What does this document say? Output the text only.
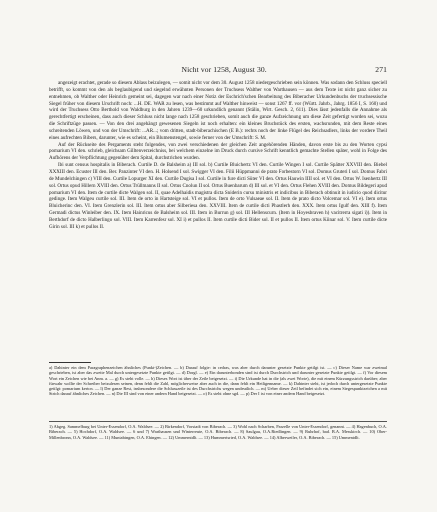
Nicht vor 1258, August 30.	271

angezeigt erachtet, gerade so diesem Ablass beizulegen, — somit nicht vor dem 30. August 1258 niedergeschrieben sein können. Was sodann den Schluss speciell betrifft, so kommt von den als beglaubigend und siegelnd erwähnten Personen der Truchsess Walther von Warthausen — aus dem Texte ist nicht ganz sicher zu entnehmen, ob Walther oder Heinrich gemeint sei, dagegen war nach einer Notiz der Eschrich'schen Bearbeitung des Biberacher Urkundenbuchs der truchsessische Siegel früher von diesem Urschrift noch: ...H. DE. WAR zu lesen, was bestimmt auf Walther hinweist — sonst 1267 ff. vor (Württ. Jahrb., Jahrg. 1856 I, S. 160) und wird der Truchsess Otto Berthold von Waldburg in den Jahren 1239—60 urkundlich genannt (Stälin, Wirt. Gesch. 2, 611). Dies lässt jedenfalls die Annahme als gerechtfertigt erscheinen, dass auch dieser Schluss nicht lange nach 1258 geschrieben, somit auch die ganze Aufzeichnung um diese Zeit gefertigt worden sei, wozu die Schriftzüge passen. — Von den drei angehängt gewesenen Siegeln ist noch erhalten: ein kleines Bruchstück des ersten, wachsrunden, mit dem Reste eines schreitenden Löwen, und von der Umschrift: ...AR...; vom dritten, stadt-biberachischen (E B.): rechts noch der linke Flügel des Reichsadlers, links der vordere Theil eines aufrechten Bibers, darunter, wie es scheint, ein Blumenstengel, sowie ferner von der Umschrift: S. M.

Auf der Rückseite des Pergaments steht folgendes, von zwei verschiedenen der gleichen Zeit angehörenden Händen, davon erste bis zu den Worten cypsi pomarium VI den. schrieb, gleichsam Gilltenverzeichniss, bei welchem einzelne im Druck durch cursive Schrift kenntlich gemachte Stellen später, wohl in Folge des Aufhörens der Verpflichtung gegenüber dem Spital, durchstrichen wurden.

Ibi sunt census hospitalis in Biberach. Curtile D. de Balsheim a) III sol. b) Curtile Bluichertz VI den. Curtile Wingen I sol. Curtile Spätter XXVIII den. Biebel XXXIII den. Ecuster III den. Ber. Panzinter VI den. H. Holsend I sol. Swigger VI den. Filii Hüppmanni de prato Forbestorn VI sol. Domus Gruteri I sol. Domus Fabri de Mundelchingen c) VIII den. Curtile Lopurger XI den. Curtile Dugisa I sol. Curtile in fure dicti Süter VI den. Ortus Hauwin IIII sol. et VI den. Ortus W. Isenhertz III sol. Ortus opud Hillern XVIII den. Ortus Trüllmanns II sol. Ortus Cnolun II sol. Ortus Buenbarum d) III sol. et VI den. Ortus Flehen XVIII den. Domus Bildegeri apud pomarium VI den. Item de curtile dicte Walgen sol. II, quae Adelhaidis magistra dicta Sniderin cursu ministris et indicibus in Biberach obtinuit in iudicio quod dicitur gedinge. Item Walgeu curtile sol. III. Item de orto in Hartsteige sol. VI et pullos. Item de orto Vulsaeae sol. II. Item de prato dicto Volcemar sol. VI e). Item ortus Bluicherinc den. VI. Item Grenzlerin sol. III. Item ortus aber Silberiesa den. XXVIII. Item de curtile dicti Phastlerh den. XXX. Item ortus Igulf den. XIII f). Item Germadi dictus Winleiber den. IX. Item Hainricus de Balsheim sol. III. Item in Burrun g) sol. III Hellenscurn. (Item in Hoyesbraven h) vacitrerra sigati i)). Item in Berthdorf de dicto Halberlingo sol. VIII. Item Karrenfesr sol. XI i) et pullos II. Item curtile dicti Bider sol. II et pullos II. Item ortus Kiinar sol. V. Item curtile dicte Girin sol. III k) et pullos II.

a) Dahinter ein dem Paragraphenzeichen ähnliches (Punkt-)Zeichen. — b) Darauf folgte: in cedras, was aber durch darunter gesetzte Punkte getilgt ist. — c) Dieser Name war zweimal geschrieben, ist aber das zweite Mal durch untergesetzte Punkte getilgt. — d) Dorgl. — e) Ein darunterbonden sind ist durch Durchstrich und darunter gesetzte Punkte getilgt. — f) Vor diesem Wort ein Zeichen wie bei Anm. a. — g) Es steht volle. — h) Dieses Wort ist über der Zeile beigesetzt. — i) Die Urkunde hat in die (als zwei Worte), die mit einem Kürzungsstrich darüber; aber fürwahr wollte der Schreiber beizulesen seinen, denn fehlt die Zahl, möglicherweise aber auch in die, dann fehlt ein Heiligenname. — k) Dahinter steht, ist jedoch durch untergesetzte Punkte getilgt: pomarium kertcn. — l) Der ganze Rest, insbesondere die Schlusszeile ist des Durchstrichs wegen undeutlich. — m) Ueber dieser Zeil befindet sich ein, einem Siegespunktzeichen a mit Strich darauf ähnliches Zeichen. — n) Die III sind von einer andern Hand beigesetzt. — o) Es steht ohne sgd. — p) Der I ist von einer andern Hand beigesetzt.

1) Abgeg. Sammelburg bei Unter-Essendorf, O.A. Waldsee. — 2) Birkendorf, Vorstadt von Biberach. — 3) Wohl nach Scharben, Parzelle von Unter-Essendorf, genannt. — 4) Hagenbuch, O.A. Biberach. — 5) Hochdorf, O.A. Waldsee. — 6 und 7) Warthausen und Winterreute, O.A. Biberach. — 8) Saulgau, O.A.Riedlingen. — 9) Ruhrhof, bad. B.A. Messkirch. — 10) Ober-Millenbronn, O.A. Waldsee. — 11) Muntabingen, O.A. Ehingen. — 12) Ummerntdlt. — 13) Hummertsried, O.A. Waldsee. — 14) Alberweiler, O.A. Biberach. — 15) Ummentdlt.
